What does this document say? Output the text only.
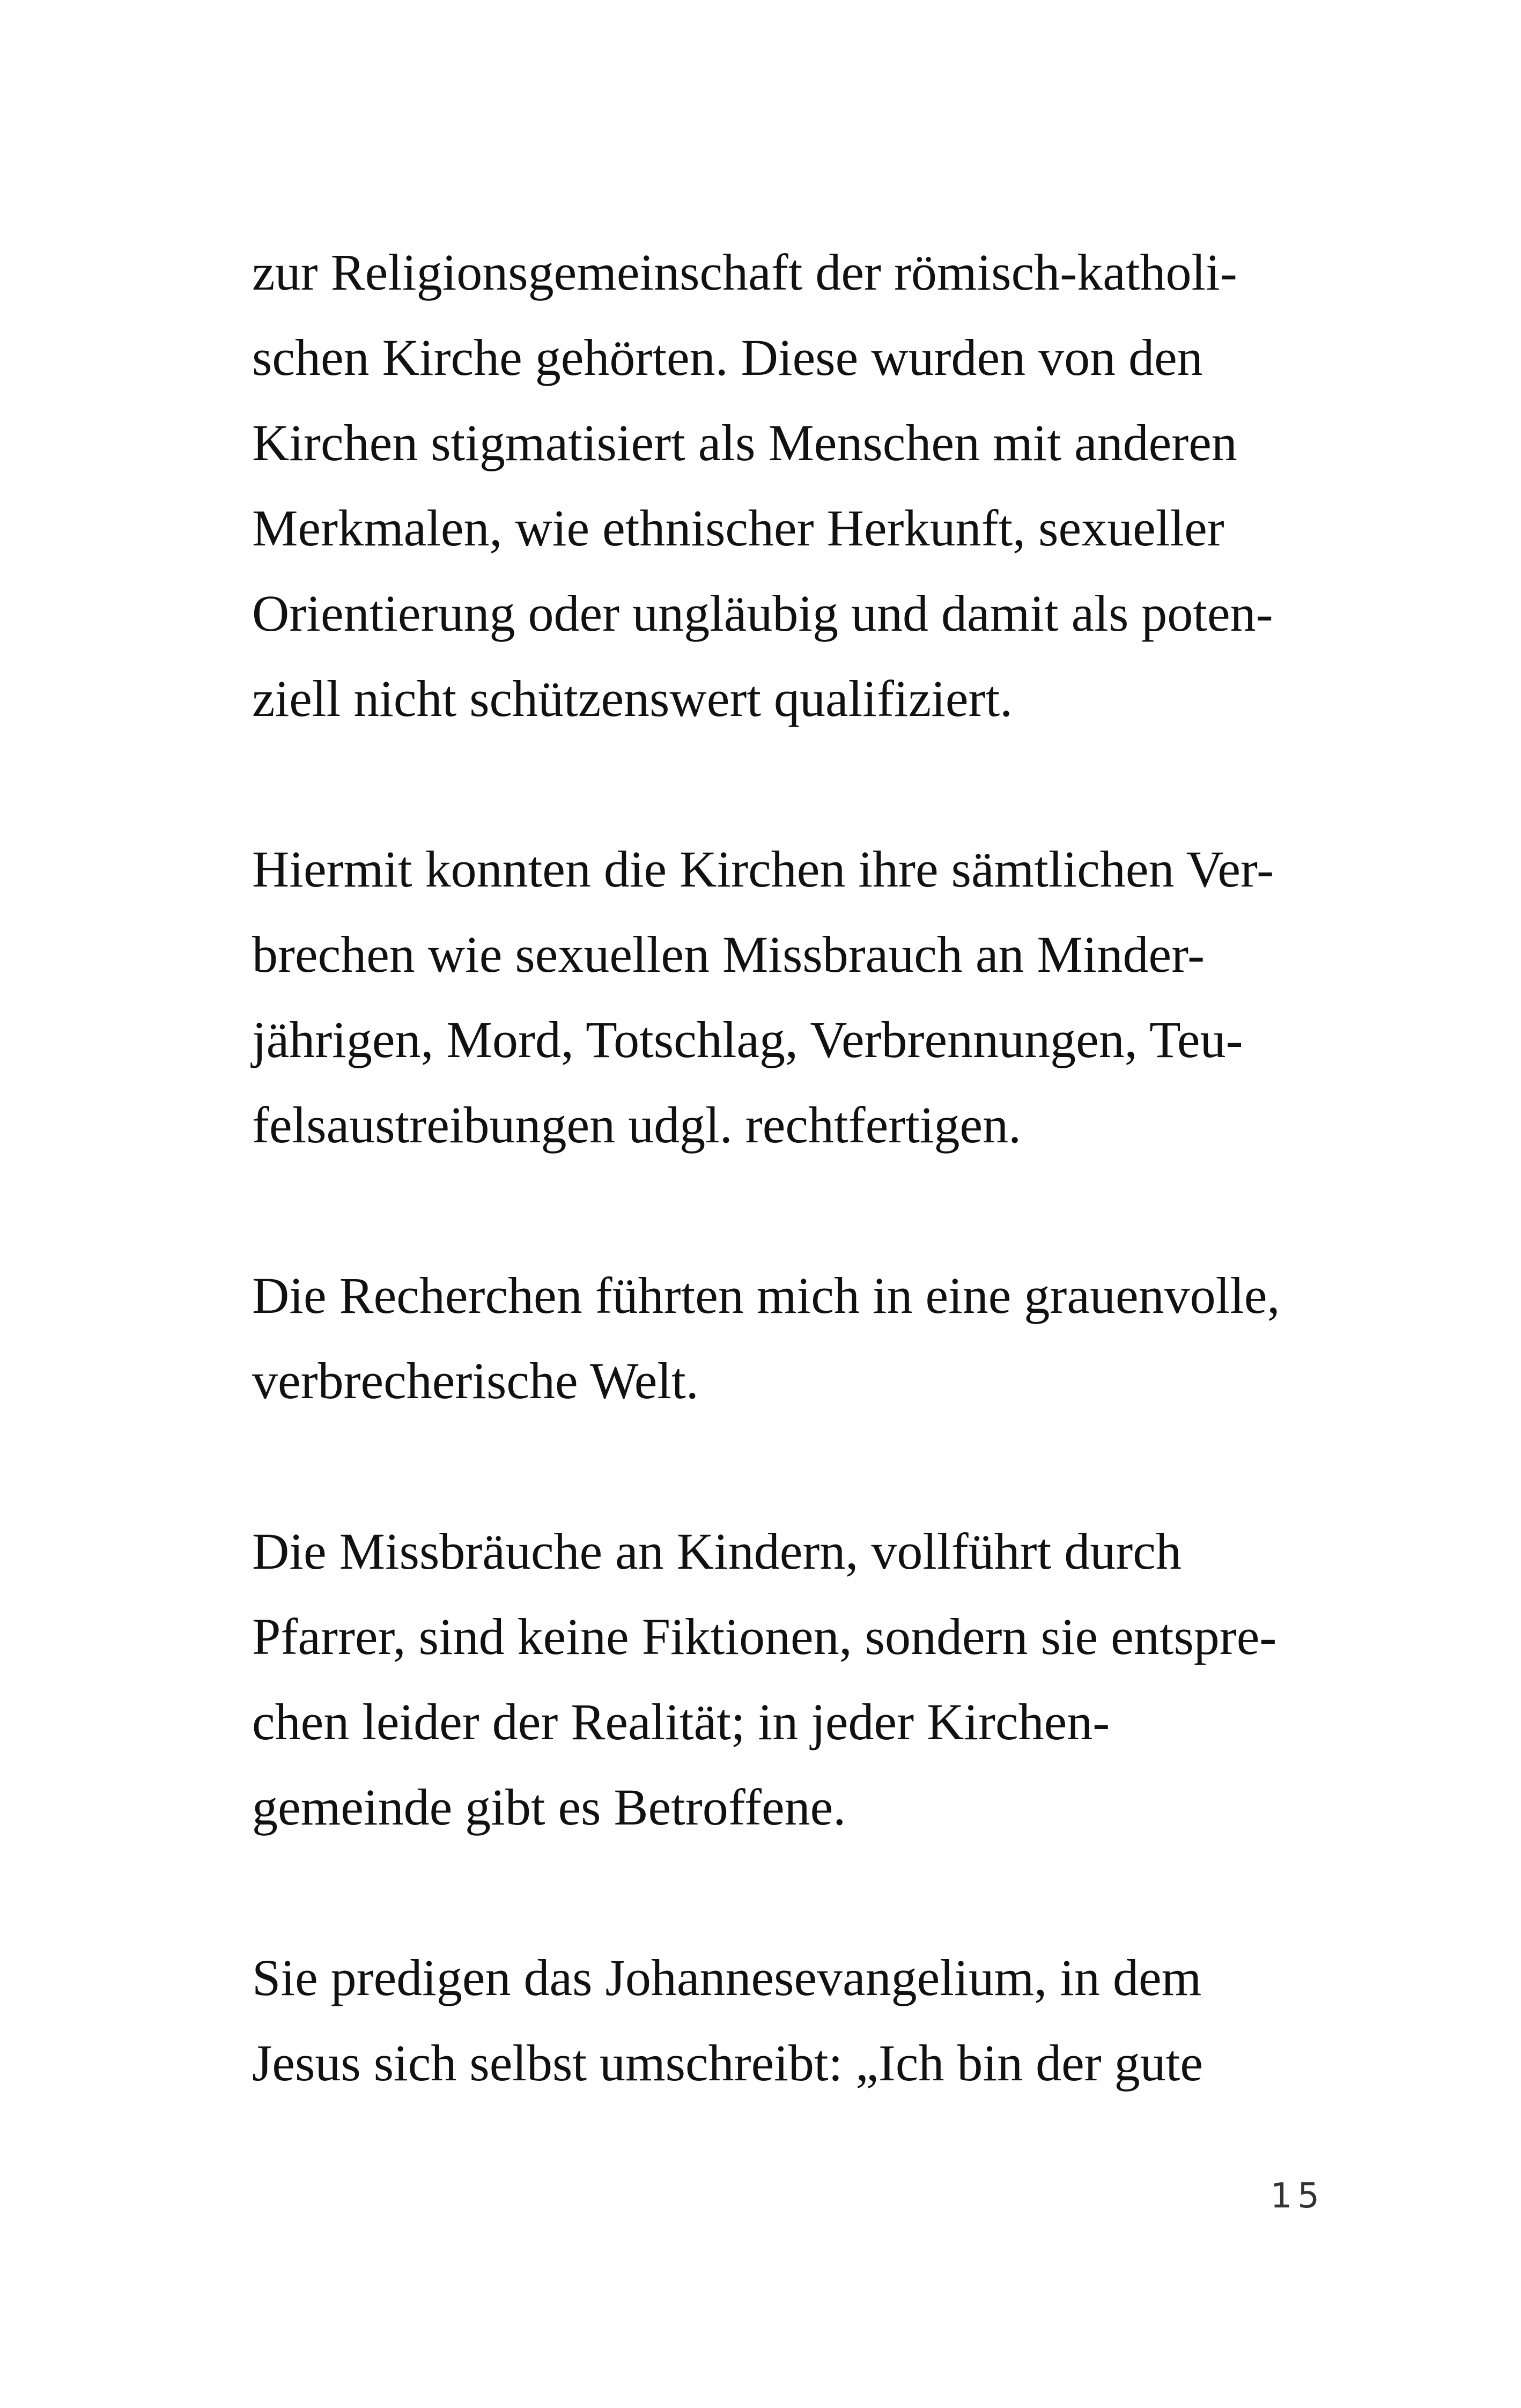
zur Religionsgemeinschaft der römisch-katholi-
schen Kirche gehörten. Diese wurden von den
Kirchen stigmatisiert als Menschen mit anderen
Merkmalen, wie ethnischer Herkunft, sexueller
Orientierung oder ungläubig und damit als poten-
ziell nicht schützenswert qualifiziert.
Hiermit konnten die Kirchen ihre sämtlichen Ver-
brechen wie sexuellen Missbrauch an Minder-
jährigen, Mord, Totschlag, Verbrennungen, Teu-
felsaustreibungen udgl. rechtfertigen.
Die Recherchen führten mich in eine grauenvolle,
verbrecherische Welt.
Die Missbräuche an Kindern, vollführt durch
Pfarrer, sind keine Fiktionen, sondern sie entspre-
chen leider der Realität; in jeder Kirchen-
gemeinde gibt es Betroffene.
Sie predigen das Johannesevangelium, in dem
Jesus sich selbst umschreibt: „Ich bin der gute
15
